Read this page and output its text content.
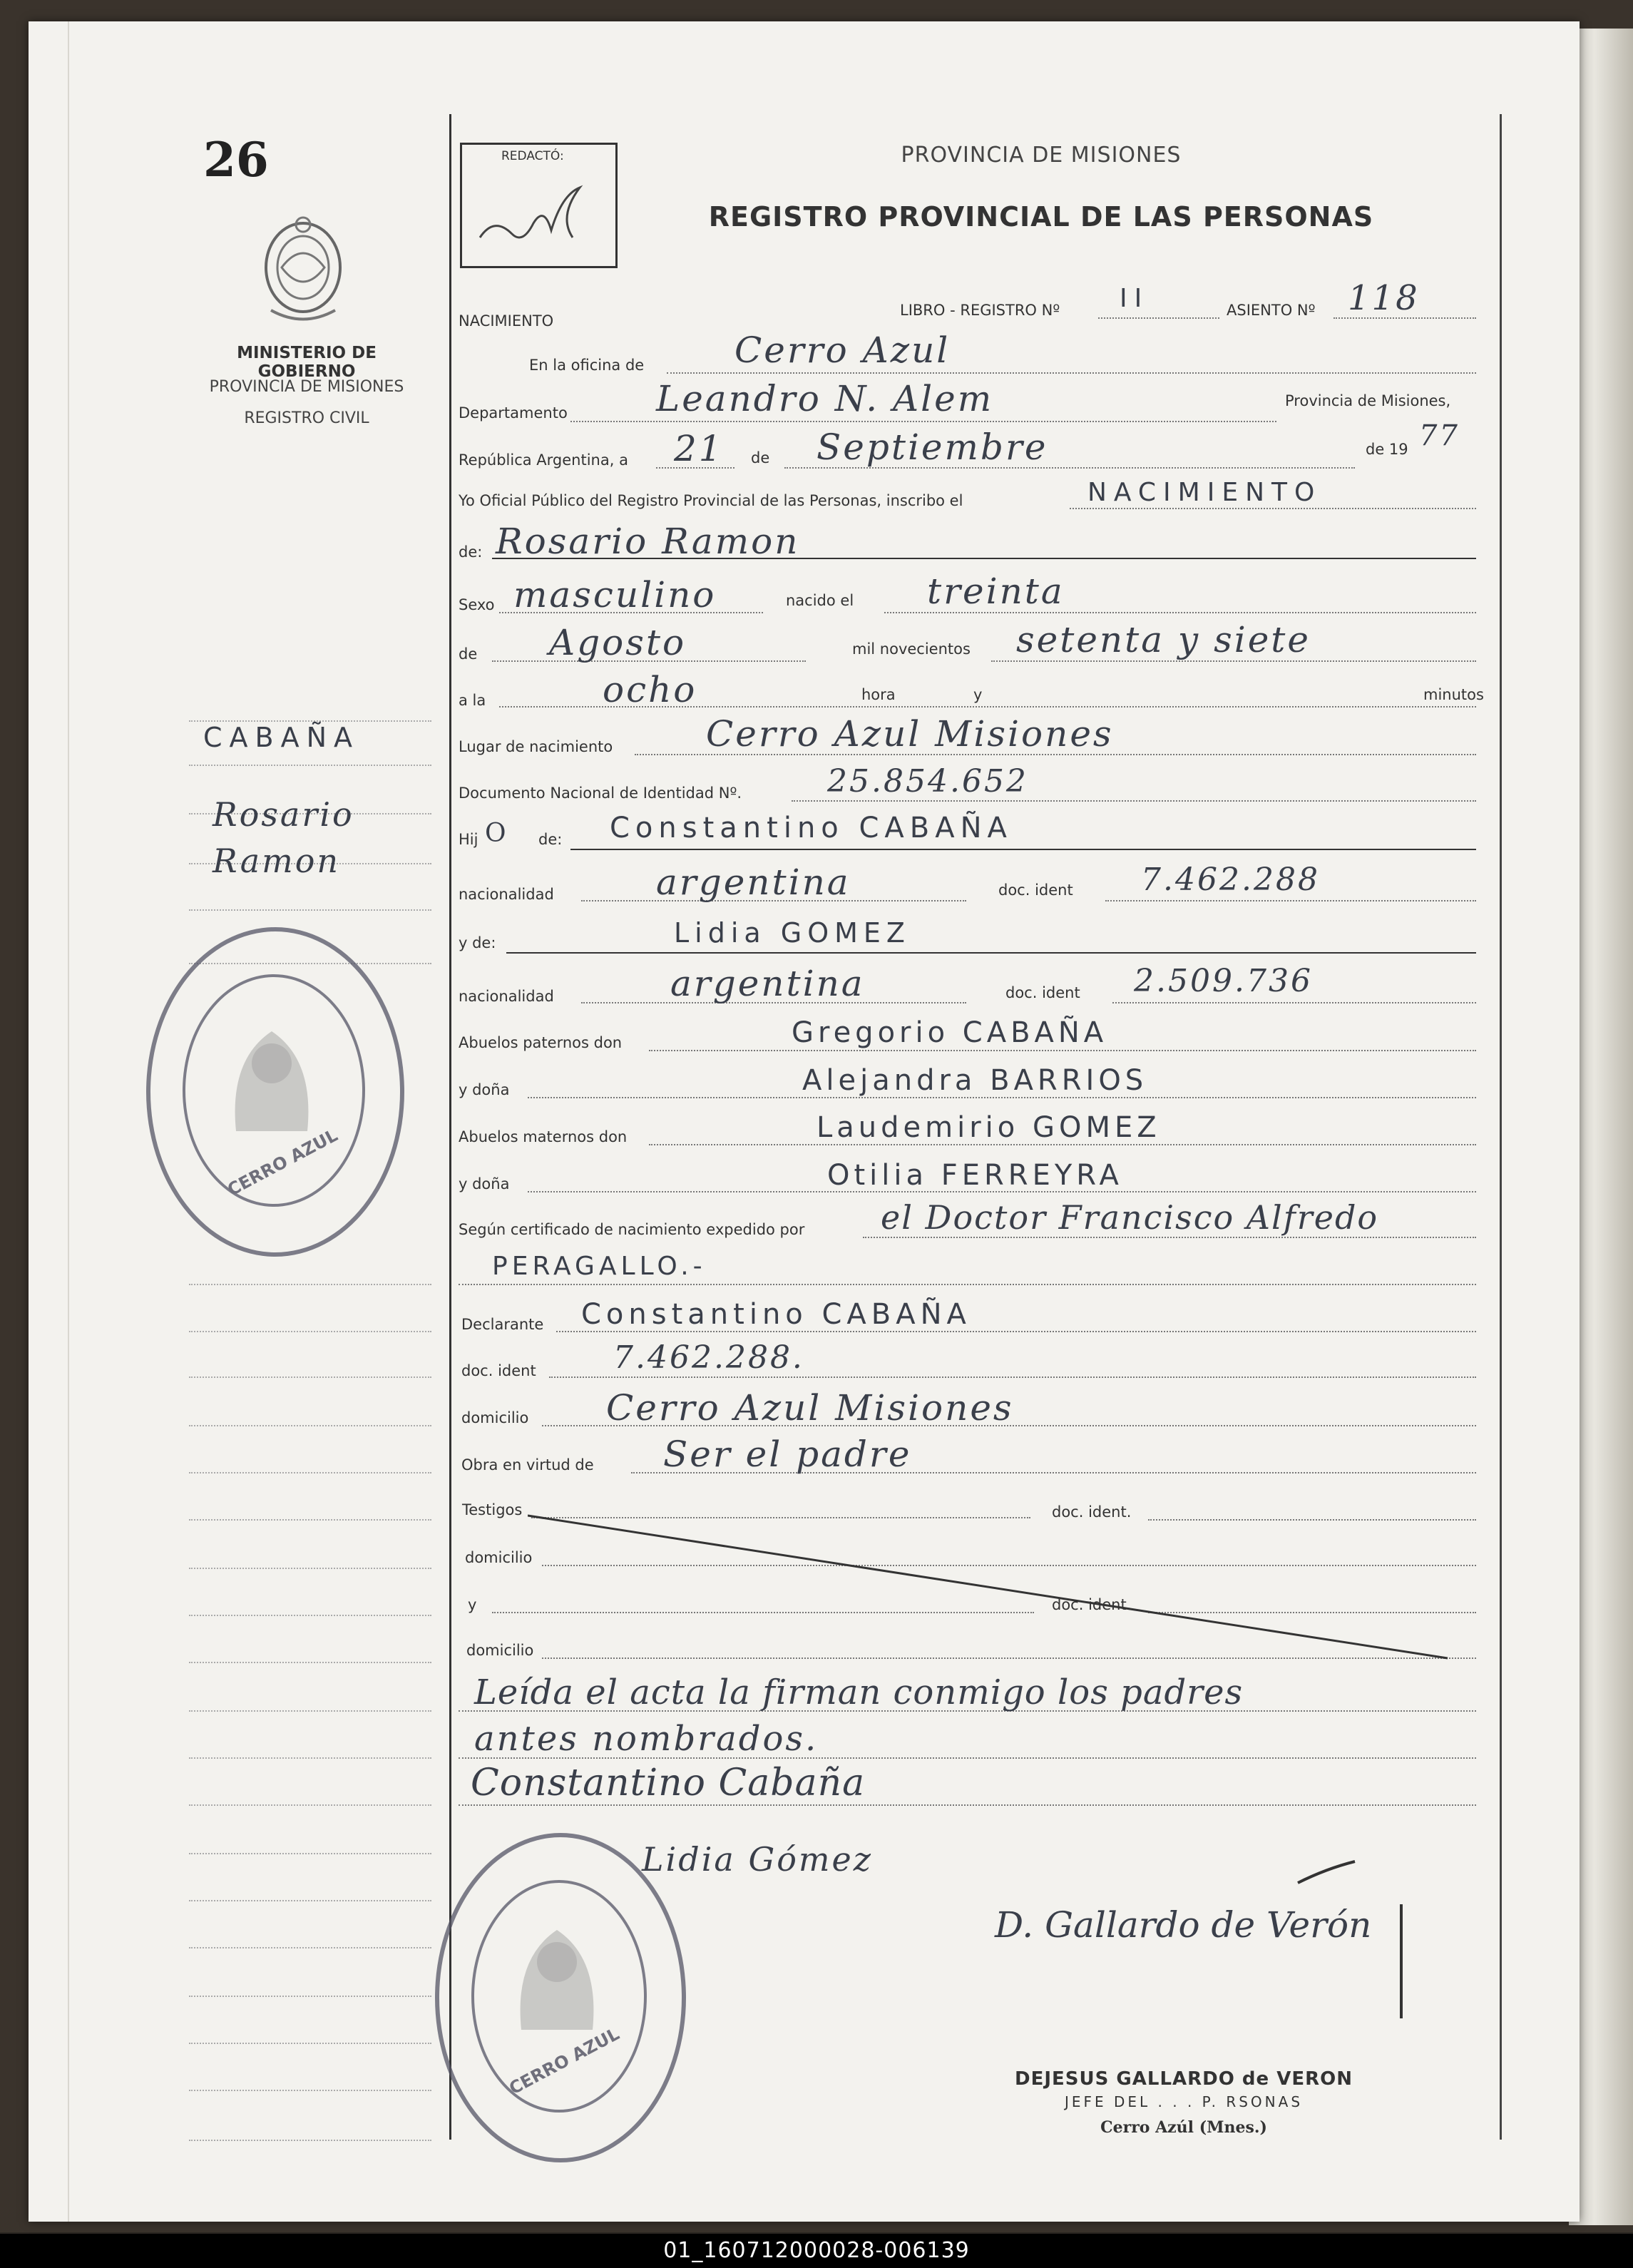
26
MINISTERIO DE GOBIERNO
PROVINCIA DE MISIONES
REGISTRO CIVIL
CABAÑA
Rosario
Ramon
CERRO AZUL
REDACTÓ:	PROVINCIA DE MISIONES
REGISTRO PROVINCIAL DE LAS PERSONAS
NACIMIENTO
LIBRO - REGISTRO Nº II	ASIENTO Nº 118
En la oficina de	Cerro Azul
Departamento Leandro N. Alem	Provincia de Misiones,
República Argentina, a 21 de Septiembre	de 19 77
Yo Oficial Público del Registro Provincial de las Personas, inscribo el	NACIMIENTO
de: Rosario Ramon
Sexo masculino	nacido el treinta
de Agosto	mil novecientos setenta y siete
a la	ocho	hora	y	minutos
Lugar de nacimiento	Cerro Azul Misiones
Documento Nacional de Identidad Nº.	25.854.652
Hij O de: Constantino CABAÑA
nacionalidad	argentina	doc. ident 7.462.288
y de:	Lidia GOMEZ
nacionalidad	argentina	doc. ident 2.509.736
Abuelos paternos don	Gregorio CABAÑA
y doña	Alejandra BARRIOS
Abuelos maternos don	Laudemirio GOMEZ
y doña	Otilia FERREYRA
Según certificado de nacimiento expedido por el Doctor Francisco Alfredo
PERAGALLO.-
Declarante Constantino CABAÑA
doc. ident 7.462.288.
domicilio Cerro Azul Misiones
Obra en virtud de Ser el padre
Testigos	doc. ident.
domicilio
y	doc. ident.
domicilio
Leída el acta la firman conmigo los padres
antes nombrados.
Constantino Cabaña
Lidia Gómez
CERRO AZUL
D. Gallardo de Verón
DEJESUS GALLARDO de VERON
JEFE DEL . . . P. RSONAS
Cerro Azúl (Mnes.)
01_160712000028-006139
